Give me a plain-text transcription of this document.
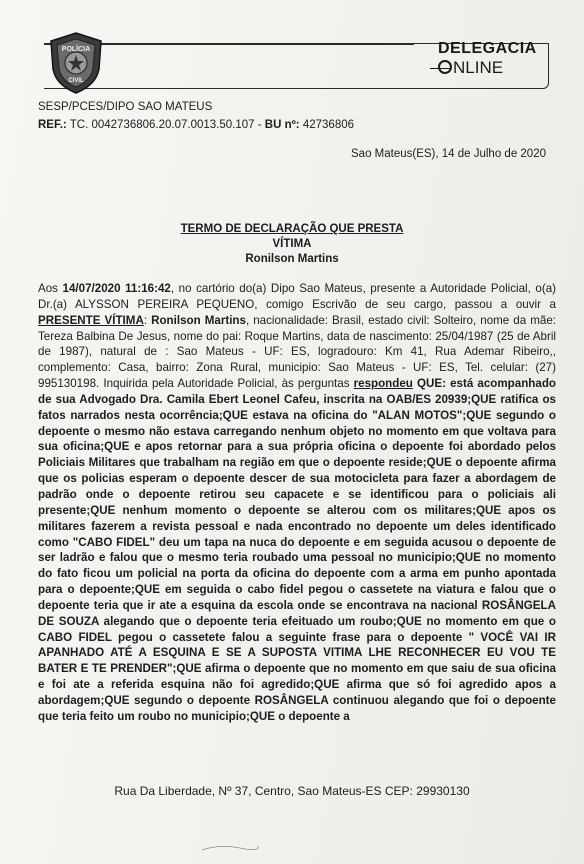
POLÍCIA
CIVIL
DELEGACIA
NLINE
SESP/PCES/DIPO SAO MATEUS
REF.: TC. 0042736806.20.07.0013.50.107 - BU nº: 42736806
Sao Mateus(ES), 14 de Julho de 2020
TERMO DE DECLARAÇÃO QUE PRESTA
VÍTIMA
Ronilson Martins
Aos 14/07/2020 11:16:42, no cartório do(a) Dipo Sao Mateus, presente a Autoridade Policial, o(a) Dr.(a) ALYSSON PEREIRA PEQUENO, comigo Escrivão de seu cargo, passou a ouvir a PRESENTE VÍTIMA: Ronilson Martins, nacionalidade: Brasil, estado civil: Solteiro, nome da mãe: Tereza Balbina De Jesus, nome do pai: Roque Martins, data de nascimento: 25/04/1987 (25 de Abril de 1987), natural de : Sao Mateus - UF: ES, logradouro: Km 41, Rua Ademar Ribeiro,, complemento: Casa, bairro: Zona Rural, municipio: Sao Mateus - UF: ES, Tel. celular: (27) 995130198. Inquirida pela Autoridade Policial, às perguntas respondeu QUE: está acompanhado de sua Advogado Dra. Camila Ebert Leonel Cafeu, inscrita na OAB/ES 20939;QUE ratifica os fatos narrados nesta ocorrência;QUE estava na oficina do "ALAN MOTOS";QUE segundo o depoente o mesmo não estava carregando nenhum objeto no momento em que voltava para sua oficina;QUE e apos retornar para a sua própria oficina o depoente foi abordado pelos Policiais Militares que trabalham na região em que o depoente reside;QUE o depoente afirma que os policias esperam o depoente descer de sua motocicleta para fazer a abordagem de padrão onde o depoente retirou seu capacete e se identificou para o policiais ali presente;QUE nenhum momento o depoente se alterou com os militares;QUE apos os militares fazerem a revista pessoal e nada encontrado no depoente um deles identificado como "CABO FIDEL" deu um tapa na nuca do depoente e em seguida acusou o depoente de ser ladrão e falou que o mesmo teria roubado uma pessoal no municipio;QUE no momento do fato ficou um policial na porta da oficina do depoente com a arma em punho apontada para o depoente;QUE em seguida o cabo fidel pegou o cassetete na viatura e falou que o depoente teria que ir ate a esquina da escola onde se encontrava na nacional ROSÂNGELA DE SOUZA alegando que o depoente teria efeituado um roubo;QUE no momento em que o CABO FIDEL pegou o cassetete falou a seguinte frase para o depoente " VOCÊ VAI IR APANHADO ATÉ A ESQUINA E SE A SUPOSTA VITIMA LHE RECONHECER EU VOU TE BATER E TE PRENDER";QUE afirma o depoente que no momento em que saiu de sua oficina e foi ate a referida esquina não foi agredido;QUE afirma que só foi agredido apos a abordagem;QUE segundo o depoente ROSÂNGELA continuou alegando que foi o depoente que teria feito um roubo no municipio;QUE o depoente a
Rua Da Liberdade, Nº 37, Centro, Sao Mateus-ES CEP: 29930130
